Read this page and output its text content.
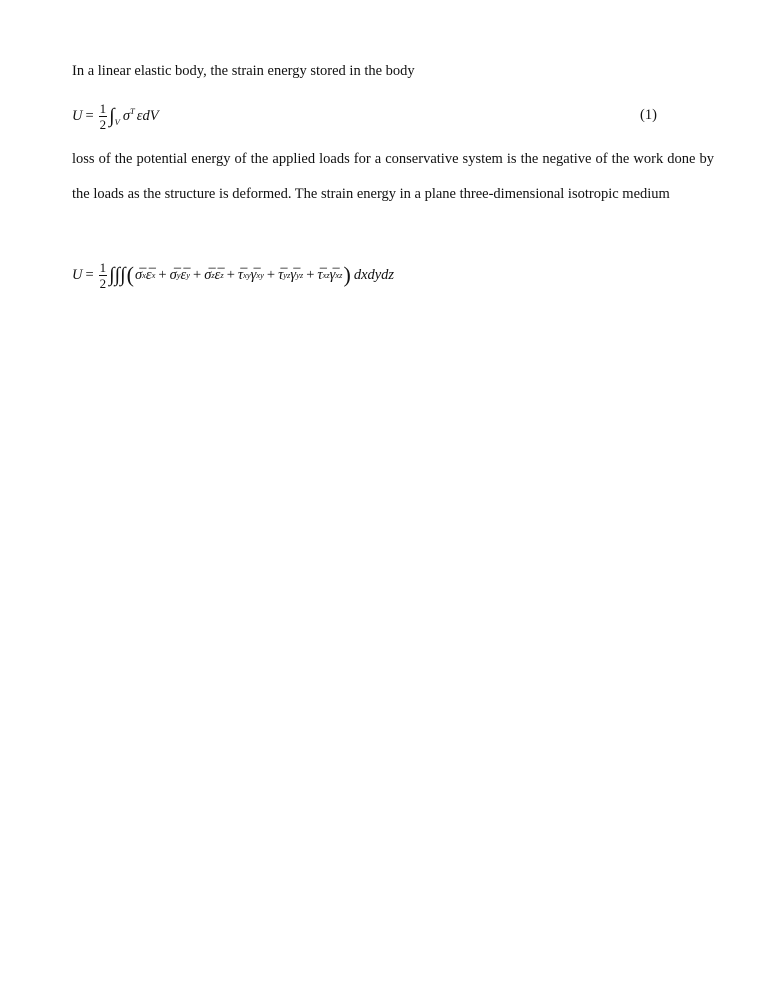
In a linear elastic body, the strain energy stored in the body

$U = \frac{1}{2} \int_V$ $\sigma^T$ ε dV	(1)

loss of the potential energy of the applied loads for a conservative system is the negative of the work done by the loads as the structure is deformed. The strain energy in a plane three-dimensional isotropic medium

$U = \frac{1}{2}$ ∫∫∫ ( σ̅ x ε̅ x + σ̅ y ε̅ y + σ̅ z ε̅ z + τ̅ xy γ̅ xy + τ̅ yz γ̅ yz + τ̅ xz γ̅ xz ) dxdydz
